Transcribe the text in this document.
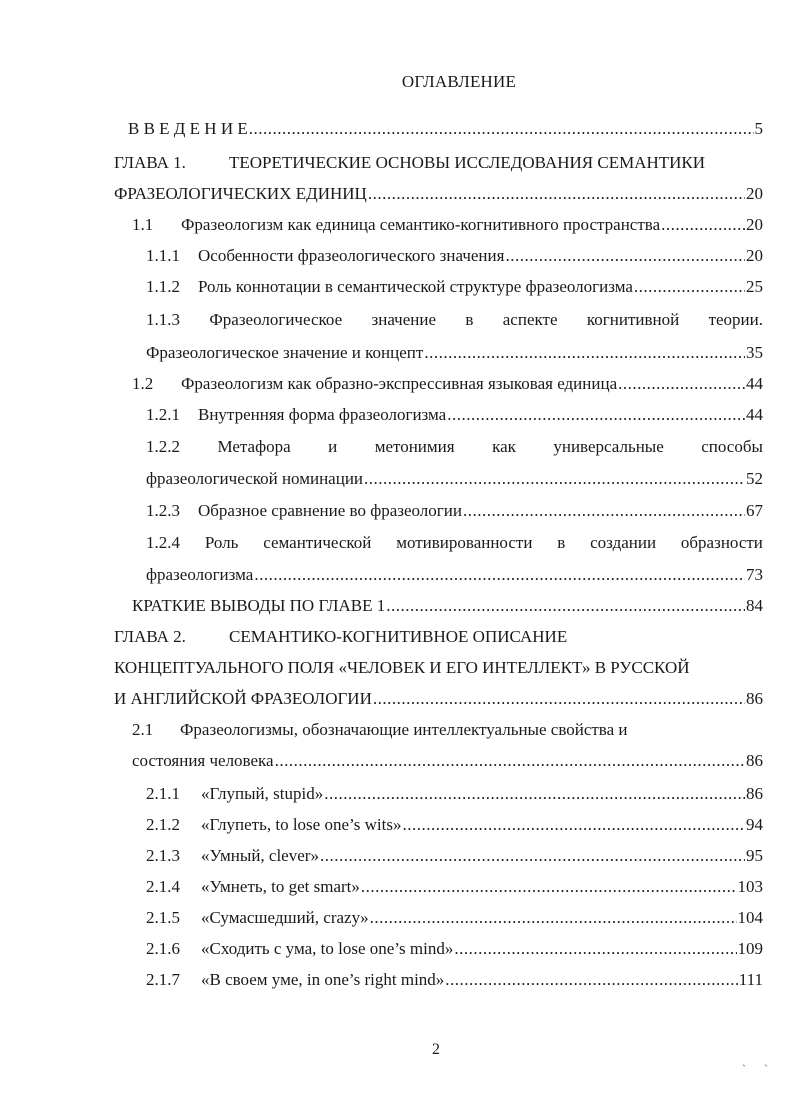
ОГЛАВЛЕНИЕ
В В Е Д Е Н И Е .....	5
ГЛАВА 1.	ТЕОРЕТИЧЕСКИЕ ОСНОВЫ ИССЛЕДОВАНИЯ СЕМАНТИКИ
ФРАЗЕОЛОГИЧЕСКИХ ЕДИНИЦ .....	20
1.1	Фразеологизм как единица семантико-когнитивного пространства .....	20
1.1.1	Особенности фразеологического значения .....	20
1.1.2	Роль коннотации в семантической структуре фразеологизма .....	25
1.1.3 Фразеологическое значение в аспекте когнитивной теории.
Фразеологическое значение и концепт .....	35
1.2	Фразеологизм как образно-экспрессивная языковая единица .....	44
1.2.1	Внутренняя форма фразеологизма .....	44
1.2.2 Метафора и метонимия как универсальные способы
фразеологической номинации .....	52
1.2.3	Образное сравнение во фразеологии .....	67
1.2.4 Роль семантической мотивированности в создании образности
фразеологизма .....	73
КРАТКИЕ ВЫВОДЫ ПО ГЛАВЕ 1 .....	84
ГЛАВА 2.	СЕМАНТИКО-КОГНИТИВНОЕ ОПИСАНИЕ
КОНЦЕПТУАЛЬНОГО ПОЛЯ «ЧЕЛОВЕК И ЕГО ИНТЕЛЛЕКТ» В РУССКОЙ
И АНГЛИЙСКОЙ ФРАЗЕОЛОГИИ .....	86
2.1	Фразеологизмы, обозначающие интеллектуальные свойства и
состояния человека .....	86
2.1.1	«Глупый, stupid» .....	86
2.1.2	«Глупеть, to lose one’s wits» .....	94
2.1.3	«Умный, clever» .....	95
2.1.4	«Умнеть, to get smart» .....	103
2.1.5	«Сумасшедший, crazy» .....	104
2.1.6	«Сходить с ума, to lose one’s mind» .....	109
2.1.7	«В своем уме, in one’s right mind» .....	111
2
`      `
